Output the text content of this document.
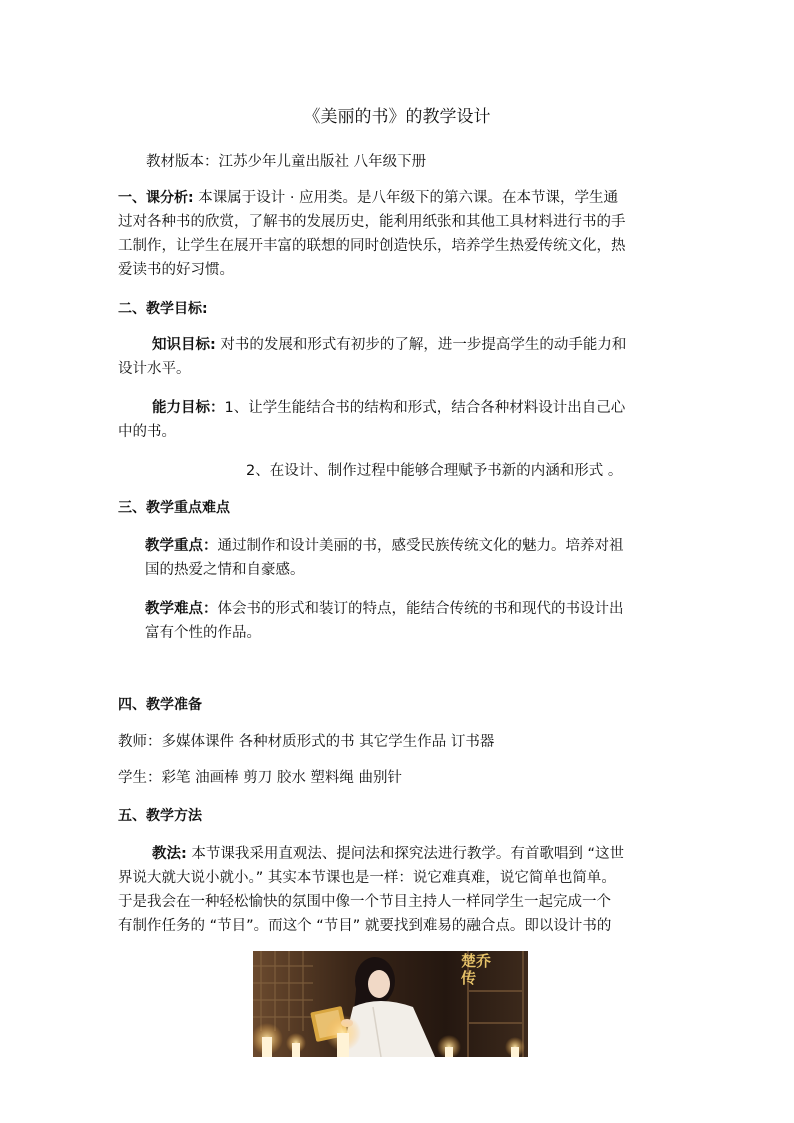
《美丽的书》的教学设计
教材版本：江苏少年儿童出版社 八年级下册
一、课分析: 本课属于设计 · 应用类。是八年级下的第六课。在本节课，学生通
过对各种书的欣赏，了解书的发展历史，能利用纸张和其他工具材料进行书的手
工制作，让学生在展开丰富的联想的同时创造快乐，培养学生热爱传统文化，热
爱读书的好习惯。
二、教学目标:
知识目标: 对书的发展和形式有初步的了解，进一步提高学生的动手能力和
设计水平。
能力目标：1、让学生能结合书的结构和形式，结合各种材料设计出自己心
中的书。
2、在设计、制作过程中能够合理赋予书新的内涵和形式 。
三、教学重点难点
教学重点：通过制作和设计美丽的书，感受民族传统文化的魅力。培养对祖
国的热爱之情和自豪感。
教学难点：体会书的形式和装订的特点，能结合传统的书和现代的书设计出
富有个性的作品。
四、教学准备
教师：多媒体课件 各种材质形式的书 其它学生作品 订书器
学生：彩笔 油画棒 剪刀 胶水 塑料绳 曲别针
五、教学方法
教法: 本节课我采用直观法、提问法和探究法进行教学。有首歌唱到 “这世
界说大就大说小就小。” 其实本节课也是一样：说它难真难，说它简单也简单。
于是我会在一种轻松愉快的氛围中像一个节目主持人一样同学生一起完成一个
有制作任务的 “节目”。而这个 “节目” 就要找到难易的融合点。即以设计书的
楚乔传
